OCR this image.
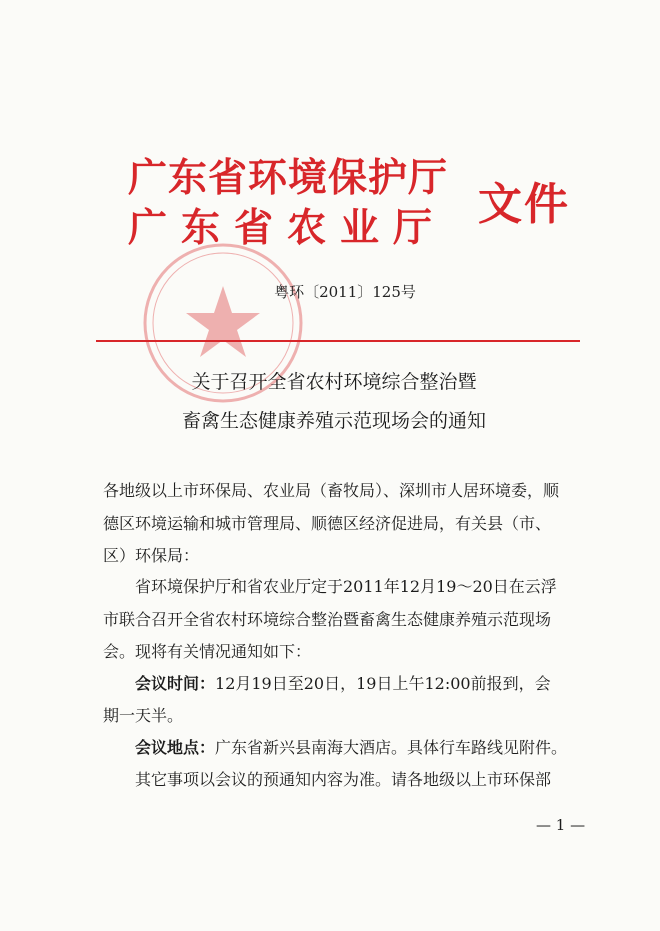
广东省环境保护厅
广东省农业厅 文件
粤环〔2011〕125号
关于召开全省农村环境综合整治暨
畜禽生态健康养殖示范现场会的通知
各地级以上市环保局、农业局（畜牧局）、深圳市人居环境委，顺
德区环境运输和城市管理局、顺德区经济促进局，有关县（市、
区）环保局：
省环境保护厅和省农业厅定于2011年12月19～20日在云浮
市联合召开全省农村环境综合整治暨畜禽生态健康养殖示范现场
会。现将有关情况通知如下：
会议时间：12月19日至20日，19日上午12:00前报到，会
期一天半。
会议地点：广东省新兴县南海大酒店。具体行车路线见附件。
其它事项以会议的预通知内容为准。请各地级以上市环保部
— 1 —
